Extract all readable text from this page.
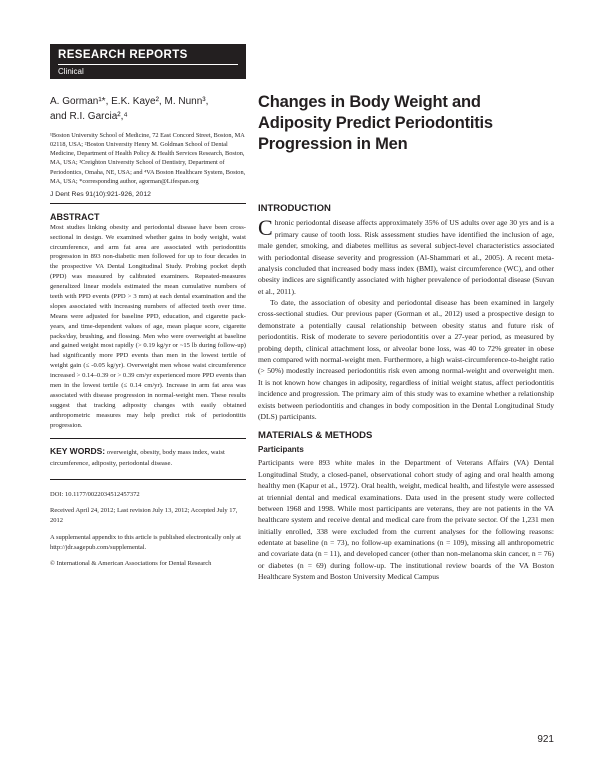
RESEARCH REPORTS
Clinical
A. Gorman¹*, E.K. Kaye², M. Nunn³,
and R.I. Garcia²,⁴
¹Boston University School of Medicine, 72 East Concord Street, Boston, MA 02118, USA; ²Boston University Henry M. Goldman School of Dental Medicine, Department of Health Policy & Health Services Research, Boston, MA, USA; ³Creighton University School of Dentistry, Department of Periodontics, Omaha, NE, USA; and ⁴VA Boston Healthcare System, Boston, MA, USA; *corresponding author, agorman@Lifespan.org
J Dent Res 91(10):921-926, 2012
ABSTRACT
Most studies linking obesity and periodontal disease have been cross-sectional in design. We examined whether gains in body weight, waist circumference, and arm fat area are associated with periodontitis progression in 893 non-diabetic men followed for up to four decades in the prospective VA Dental Longitudinal Study. Probing pocket depth (PPD) was measured by calibrated examiners. Repeated-measures generalized linear models estimated the mean cumulative numbers of teeth with PPD events (PPD > 3 mm) at each dental examination and the slopes associated with increasing numbers of affected teeth over time. Means were adjusted for baseline PPD, education, and cigarette pack-years, and time-dependent values of age, mean plaque score, cigarette packs/day, brushing, and flossing. Men who were overweight at baseline and gained weight most rapidly (> 0.19 kg/yr or ~15 lb during follow-up) had significantly more PPD events than men in the lowest tertile of weight gain (≤ -0.05 kg/yr). Overweight men whose waist circumference increased > 0.14–0.39 or > 0.39 cm/yr experienced more PPD events than men in the lowest tertile (≤ 0.14 cm/yr). Increase in arm fat area was associated with disease progression in normal-weight men. These results suggest that tracking adiposity changes with easily obtained anthropometric measures may help predict risk of periodontitis progression.
KEY WORDS: overweight, obesity, body mass index, waist circumference, adiposity, periodontal disease.

DOI: 10.1177/0022034512457372

Received April 24, 2012; Last revision July 13, 2012; Accepted July 17, 2012

A supplemental appendix to this article is published electronically only at http://jdr.sagepub.com/supplemental.

© International & American Associations for Dental Research

Changes in Body Weight and Adiposity Predict Periodontitis Progression in Men
INTRODUCTION

Chronic periodontal disease affects approximately 35% of US adults over age 30 yrs and is a primary cause of tooth loss. Risk assessment studies have identified the inclusion of age, male gender, smoking, and diabetes mellitus as several subject-level characteristics associated with periodontal disease severity and progression (Al-Shammari et al., 2005). A recent meta-analysis concluded that increased body mass index (BMI), waist circumference (WC), and other obesity indices are significantly associated with higher prevalence of periodontal disease (Suvan et al., 2011).

To date, the association of obesity and periodontal disease has been examined in largely cross-sectional studies. Our previous paper (Gorman et al., 2012) used a prospective design to demonstrate a potentially causal relationship between obesity status and future risk of periodontitis. Risk of moderate to severe periodontitis over a 27-year period, as measured by probing depth, clinical attachment loss, or alveolar bone loss, was 40 to 72% greater in obese men compared with normal-weight men. Furthermore, a high waist-circumference-to-height ratio (> 50%) modestly increased periodontitis risk even among normal-weight and overweight men. It is not known how changes in adiposity, regardless of initial weight status, affect periodontitis incidence and progression. The primary aim of this study was to examine whether a relationship exists between periodontitis and changes in body composition in the Dental Longitudinal Study (DLS) participants.

MATERIALS & METHODS
Participants

Participants were 893 white males in the Department of Veterans Affairs (VA) Dental Longitudinal Study, a closed-panel, observational cohort study of aging and oral health among healthy men (Kapur et al., 1972). Oral health, weight, medical health, and lifestyle were assessed at triennial dental and medical examinations. Data used in the present study were collected between 1968 and 1998. While most participants are veterans, they are not patients in the VA healthcare system and receive dental and medical care from the private sector. Of the 1,231 men initially enrolled, 338 were excluded from the current analyses for the following reasons: edentate at baseline (n = 73), no follow-up examinations (n = 109), missing all anthropometric and covariate data (n = 11), and developed cancer (other than non-melanoma skin cancer, n = 76) or diabetes (n = 69) during follow-up. The institutional review boards of the VA Boston Healthcare System and Boston University Medical Campus

921
